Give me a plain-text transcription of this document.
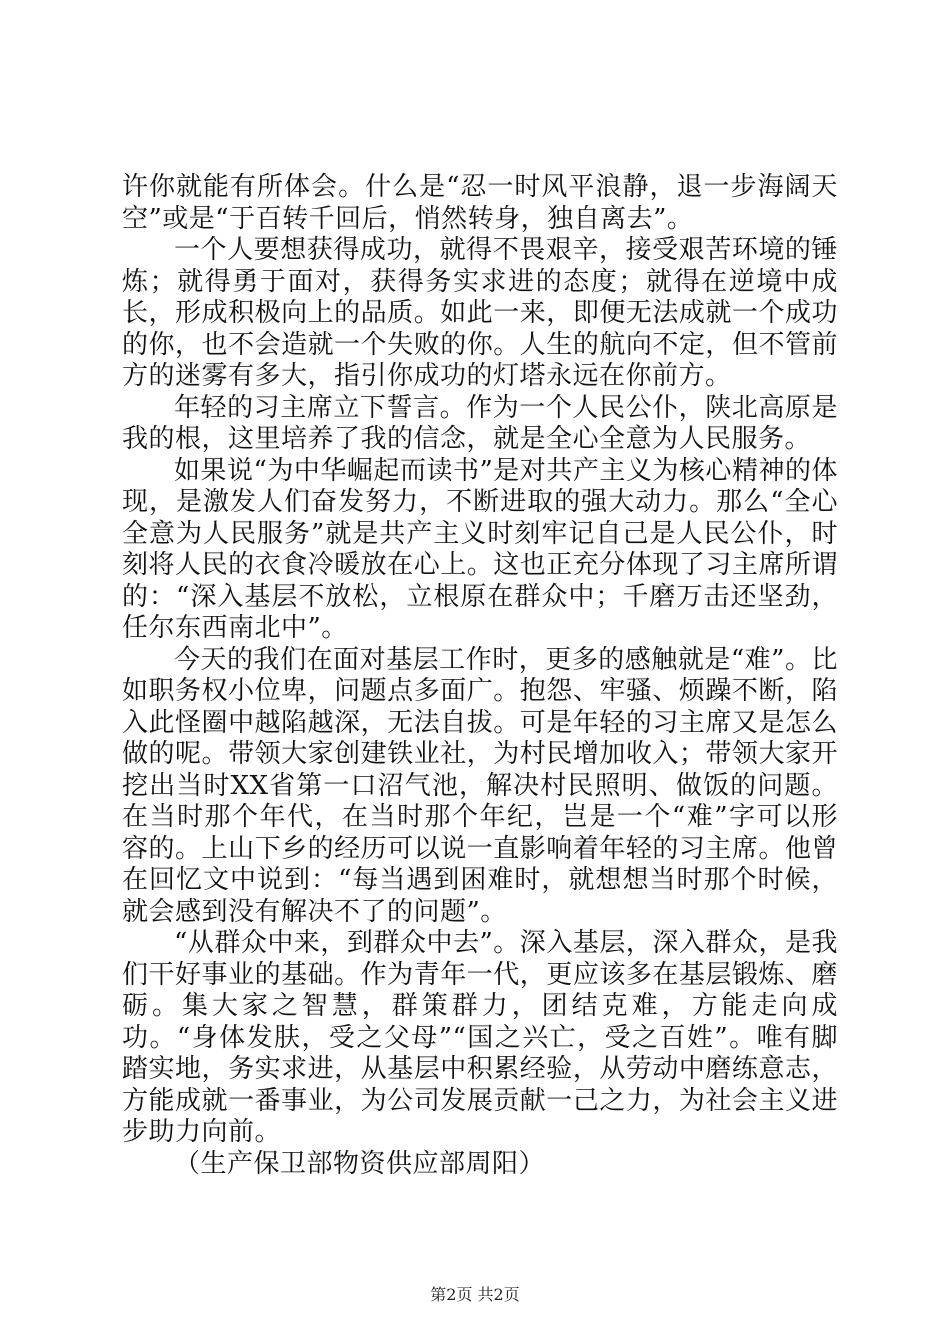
许你就能有所体会。什么是“忍一时风平浪静，退一步海阔天空”或是“于百转千回后，悄然转身，独自离去”。

一个人要想获得成功，就得不畏艰辛，接受艰苦环境的锤炼；就得勇于面对，获得务实求进的态度；就得在逆境中成长，形成积极向上的品质。如此一来，即便无法成就一个成功的你，也不会造就一个失败的你。人生的航向不定，但不管前方的迷雾有多大，指引你成功的灯塔永远在你前方。

年轻的习主席立下誓言。作为一个人民公仆，陕北高原是我的根，这里培养了我的信念，就是全心全意为人民服务。

如果说“为中华崛起而读书”是对共产主义为核心精神的体现，是激发人们奋发努力，不断进取的强大动力。那么“全心全意为人民服务”就是共产主义时刻牢记自己是人民公仆，时刻将人民的衣食冷暖放在心上。这也正充分体现了习主席所谓的：“深入基层不放松，立根原在群众中；千磨万击还坚劲，任尔东西南北中”。

今天的我们在面对基层工作时，更多的感触就是“难”。比如职务权小位卑，问题点多面广。抱怨、牢骚、烦躁不断，陷入此怪圈中越陷越深，无法自拔。可是年轻的习主席又是怎么做的呢。带领大家创建铁业社，为村民增加收入；带领大家开挖出当时XX省第一口沼气池，解决村民照明、做饭的问题。在当时那个年代，在当时那个年纪，岂是一个“难”字可以形容的。上山下乡的经历可以说一直影响着年轻的习主席。他曾在回忆文中说到：“每当遇到困难时，就想想当时那个时候，就会感到没有解决不了的问题”。

“从群众中来，到群众中去”。深入基层，深入群众，是我们干好事业的基础。作为青年一代，更应该多在基层锻炼、磨砺。集大家之智慧，群策群力，团结克难，方能走向成功。“身体发肤，受之父母”“国之兴亡，受之百姓”。唯有脚踏实地，务实求进，从基层中积累经验，从劳动中磨练意志，方能成就一番事业，为公司发展贡献一己之力，为社会主义进步助力向前。

（生产保卫部物资供应部周阳）

第2页 共2页
